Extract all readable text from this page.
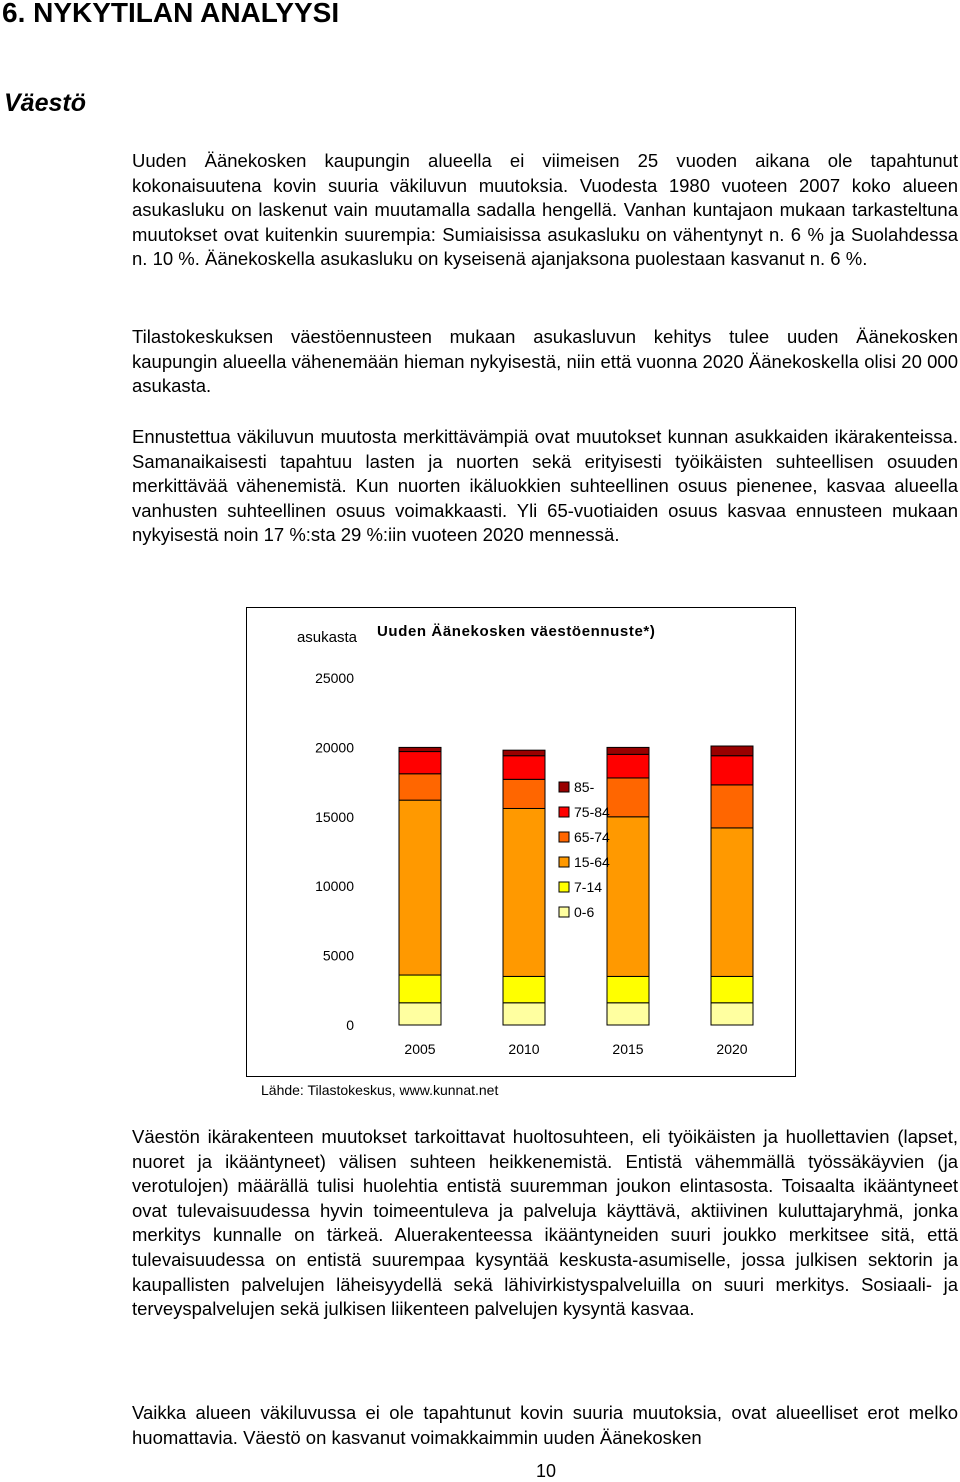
6. NYKYTILAN ANALYYSI
Väestö

Uuden Äänekosken kaupungin alueella ei viimeisen 25 vuoden aikana ole tapahtunut kokonaisuutena kovin suuria väkiluvun muutoksia. Vuodesta 1980 vuoteen 2007 koko alueen asukasluku on laskenut vain muutamalla sadalla hengellä. Vanhan kuntajaon mukaan tarkasteltuna muutokset ovat kuitenkin suurempia: Sumiaisissa asukasluku on vähentynyt n. 6 % ja Suolahdessa n. 10 %. Äänekoskella asukasluku on kyseisenä ajanjaksona puolestaan kasvanut n. 6 %.

Tilastokeskuksen väestöennusteen mukaan asukasluvun kehitys tulee uuden Äänekosken kaupungin alueella vähenemään hieman nykyisestä, niin että vuonna 2020 Äänekoskella olisi 20 000 asukasta.

Ennustettua väkiluvun muutosta merkittävämpiä ovat muutokset kunnan asukkaiden ikärakenteissa. Samanaikaisesti tapahtuu lasten ja nuorten sekä erityisesti työikäisten suhteellisen osuuden merkittävää vähenemistä. Kun nuorten ikäluokkien suhteellinen osuus pienenee, kasvaa alueella vanhusten suhteellinen osuus voimakkaasti. Yli 65-vuotiaiden osuus kasvaa ennusteen mukaan nykyisestä noin 17 %:sta 29 %:iin vuoteen 2020 mennessä.

asukasta Uuden Äänekosken väestöennuste*)
0
5000
10000
15000
20000
25000
2005	2010	2015	2020
85-
75-84
65-74
15-64
7-14
0-6
Lähde: Tilastokeskus, www.kunnat.net

Väestön ikärakenteen muutokset tarkoittavat huoltosuhteen, eli työikäisten ja huollettavien (lapset, nuoret ja ikääntyneet) välisen suhteen heikkenemistä. Entistä vähemmällä työssäkäyvien (ja verotulojen) määrällä tulisi huolehtia entistä suuremman joukon elintasosta. Toisaalta ikääntyneet ovat tulevaisuudessa hyvin toimeentuleva ja palveluja käyttävä, aktiivinen kuluttajaryhmä, jonka merkitys kunnalle on tärkeä. Aluerakenteessa ikääntyneiden suuri joukko merkitsee sitä, että tulevaisuudessa on entistä suurempaa kysyntää keskusta-asumiselle, jossa julkisen sektorin ja kaupallisten palvelujen läheisyydellä sekä lähivirkistyspalveluilla on suuri merkitys. Sosiaali- ja terveyspalvelujen sekä julkisen liikenteen palvelujen kysyntä kasvaa.

Vaikka alueen väkiluvussa ei ole tapahtunut kovin suuria muutoksia, ovat alueelliset erot melko huomattavia. Väestö on kasvanut voimakkaimmin uuden Äänekosken

10
